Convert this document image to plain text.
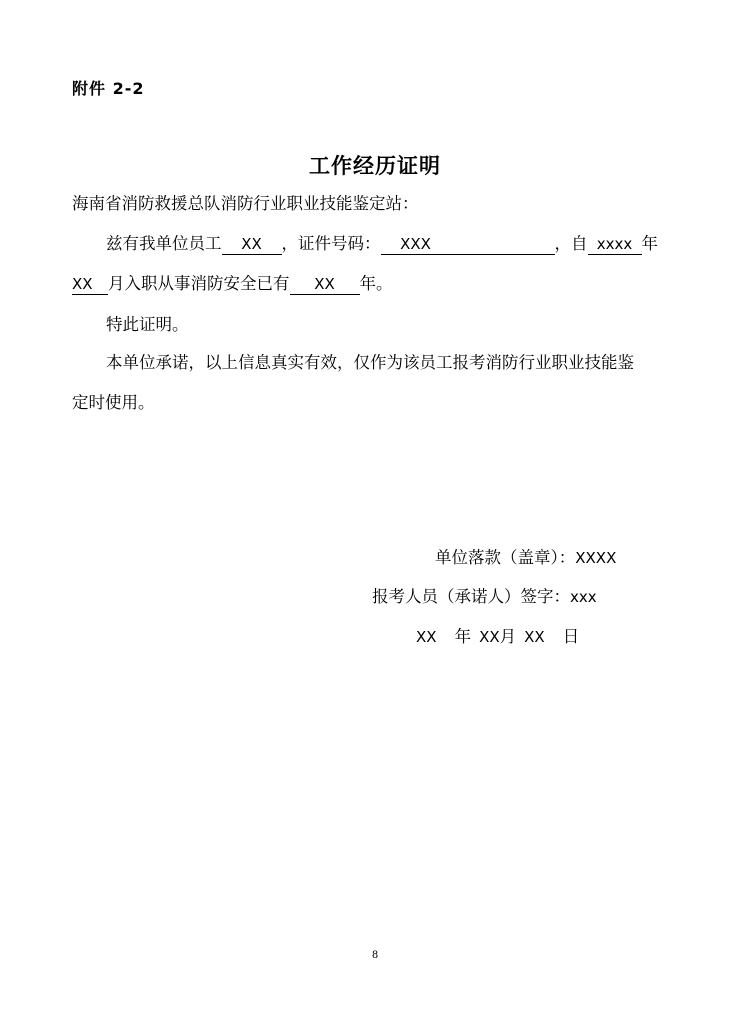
附件 2-2
工作经历证明
海南省消防救援总队消防行业职业技能鉴定站：
兹有我单位员工 XX ，证件号码： XXX	，自 xxxx 年
XX 月入职从事消防安全已有 XX 年。
特此证明。
本单位承诺，以上信息真实有效，仅作为该员工报考消防行业职业技能鉴
定时使用。
单位落款（盖章）：XXXX
报考人员（承诺人）签字：xxx
XX 年 XX月 XX 日
8
